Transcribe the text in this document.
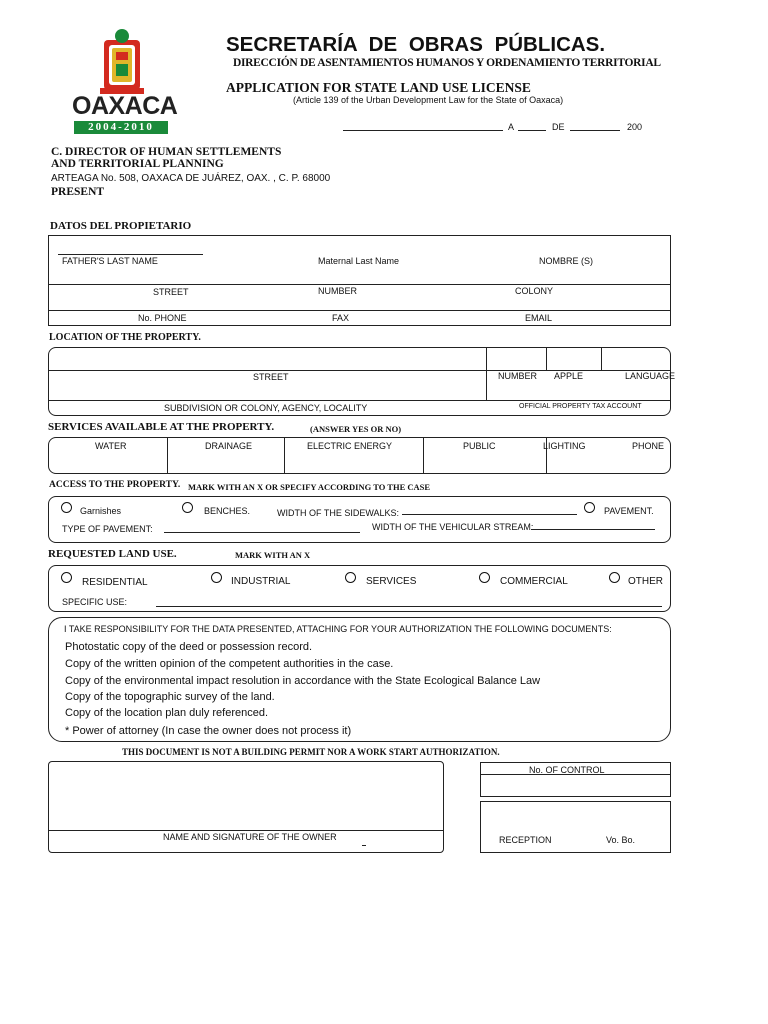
OAXACA
2004-2010
SECRETARÍA DE OBRAS PÚBLICAS.
DIRECCIÓN DE ASENTAMIENTOS HUMANOS Y ORDENAMIENTO TERRITORIAL
APPLICATION FOR STATE LAND USE LICENSE
(Article 139 of the Urban Development Law for the State of Oaxaca)
A	DE	200
C. DIRECTOR OF HUMAN SETTLEMENTS
AND TERRITORIAL PLANNING
ARTEAGA No. 508, OAXACA DE JUÁREZ, OAX. , C. P. 68000
PRESENT
DATOS DEL PROPIETARIO
FATHER'S LAST NAME	Maternal Last Name	NOMBRE (S)
STREET	NUMBER	COLONY
No. PHONE	FAX	EMAIL
LOCATION OF THE PROPERTY.
STREET	NUMBER APPLE	LANGUAGE
SUBDIVISION OR COLONY, AGENCY, LOCALITY	OFFICIAL PROPERTY TAX ACCOUNT
SERVICES AVAILABLE AT THE PROPERTY.	(ANSWER YES OR NO)
WATER	DRAINAGE	ELECTRIC ENERGY	PUBLIC	LIGHTING	PHONE
ACCESS TO THE PROPERTY. MARK WITH AN X OR SPECIFY ACCORDING TO THE CASE
Garnishes	BENCHES.	WIDTH OF THE SIDEWALKS:	PAVEMENT.
TYPE OF PAVEMENT:	WIDTH OF THE VEHICULAR STREAM:
REQUESTED LAND USE.	MARK WITH AN X
RESIDENTIAL	INDUSTRIAL	SERVICES	COMMERCIAL	OTHER
SPECIFIC USE:
I TAKE RESPONSIBILITY FOR THE DATA PRESENTED, ATTACHING FOR YOUR AUTHORIZATION THE FOLLOWING DOCUMENTS:
Photostatic copy of the deed or possession record.
Copy of the written opinion of the competent authorities in the case.
Copy of the environmental impact resolution in accordance with the State Ecological Balance Law
Copy of the topographic survey of the land.
Copy of the location plan duly referenced.
* Power of attorney (In case the owner does not process it)
THIS DOCUMENT IS NOT A BUILDING PERMIT NOR A WORK START AUTHORIZATION.
NAME AND SIGNATURE OF THE OWNER
No. OF CONTROL
RECEPTION	Vo. Bo.
